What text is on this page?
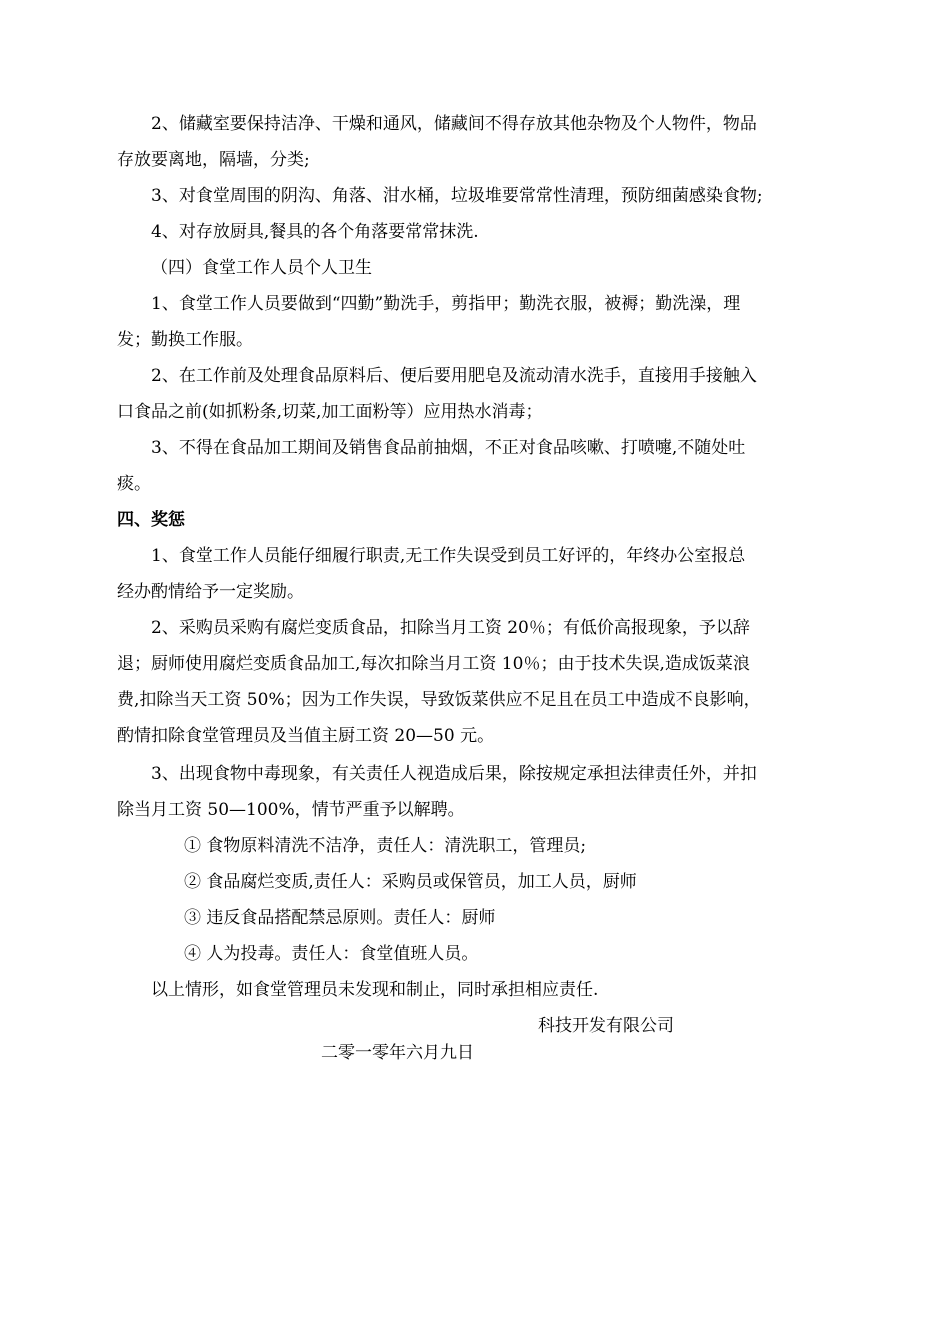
2、储藏室要保持洁净、干燥和通风，储藏间不得存放其他杂物及个人物件，物品
存放要离地，隔墙，分类;
3、对食堂周围的阴沟、角落、泔水桶，垃圾堆要常常性清理，预防细菌感染食物;
4、对存放厨具,餐具的各个角落要常常抹洗.
（四）食堂工作人员个人卫生
1、食堂工作人员要做到“四勤”勤洗手，剪指甲；勤洗衣服，被褥；勤洗澡，理
发；勤换工作服。
2、在工作前及处理食品原料后、便后要用肥皂及流动清水洗手，直接用手接触入
口食品之前(如抓粉条,切菜,加工面粉等）应用热水消毒；
3、不得在食品加工期间及销售食品前抽烟，不正对食品咳嗽、打喷嚏,不随处吐
痰。
四、奖惩
1、食堂工作人员能仔细履行职责,无工作失误受到员工好评的，年终办公室报总
经办酌情给予一定奖励。
2、采购员采购有腐烂变质食品，扣除当月工资 20％；有低价高报现象，予以辞
退；厨师使用腐烂变质食品加工,每次扣除当月工资 10％；由于技术失误,造成饭菜浪
费,扣除当天工资 50%；因为工作失误，导致饭菜供应不足且在员工中造成不良影响，
酌情扣除食堂管理员及当值主厨工资 20—50 元。
3、出现食物中毒现象，有关责任人视造成后果，除按规定承担法律责任外，并扣
除当月工资 50—100%，情节严重予以解聘。
① 食物原料清洗不洁净，责任人：清洗职工，管理员;
② 食品腐烂变质,责任人：采购员或保管员，加工人员，厨师
③ 违反食品搭配禁忌原则。责任人：厨师
④ 人为投毒。责任人：食堂值班人员。
以上情形，如食堂管理员未发现和制止，同时承担相应责任.
科技开发有限公司
二零一零年六月九日
